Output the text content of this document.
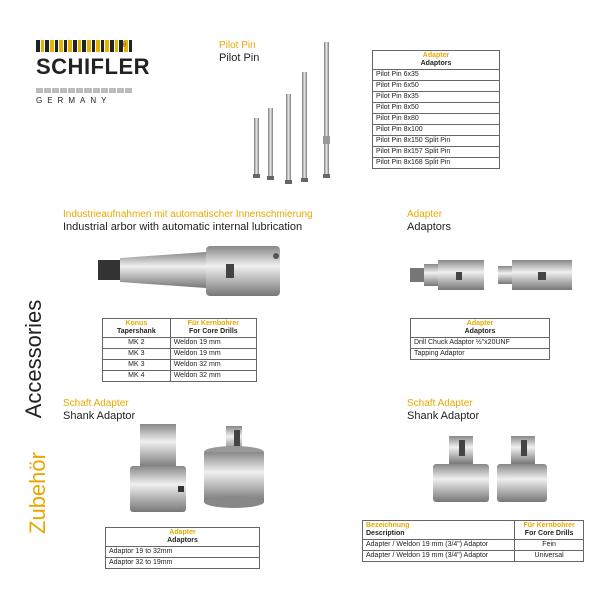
SCHIFLER
®
GERMANY
Accessories
Zubehör
Pilot Pin
Pilot Pin	Adapter
Adaptors
Pilot Pin 6x35
Pilot Pin 6x50
Pilot Pin 8x35
Pilot Pin 8x50
Pilot Pin 8x80
Pilot Pin 8x100
Pilot Pin 8x150 Split Pin
Pilot Pin 8x157 Split Pin
Pilot Pin 8x168 Split Pin
Industrieaufnahmen mit automatischer Innenschmierung
Industrial arbor with automatic internal lubrication
Konus
Tapershank	Für Kernbohrer
For Core Drills
MK 2	Weldon 19 mm
MK 3	Weldon 19 mm
MK 3	Weldon 32 mm
MK 4	Weldon 32 mm
Adapter
Adaptors
Adapter
Adaptors
Drill Chuck Adaptor ½"x20UNF
Tapping Adaptor
Schaft Adapter
Shank Adaptor
Adapter
Adaptors
Adaptor 19 to 32mm
Adaptor 32 to 19mm
Schaft Adapter
Shank Adaptor
Bezeichnung
Description	Für Kernbohrer
For Core Drills
Adapter / Weldon 19 mm (3/4") Adaptor	Fein
Adapter / Weldon 19 mm (3/4") Adaptor	Universal
